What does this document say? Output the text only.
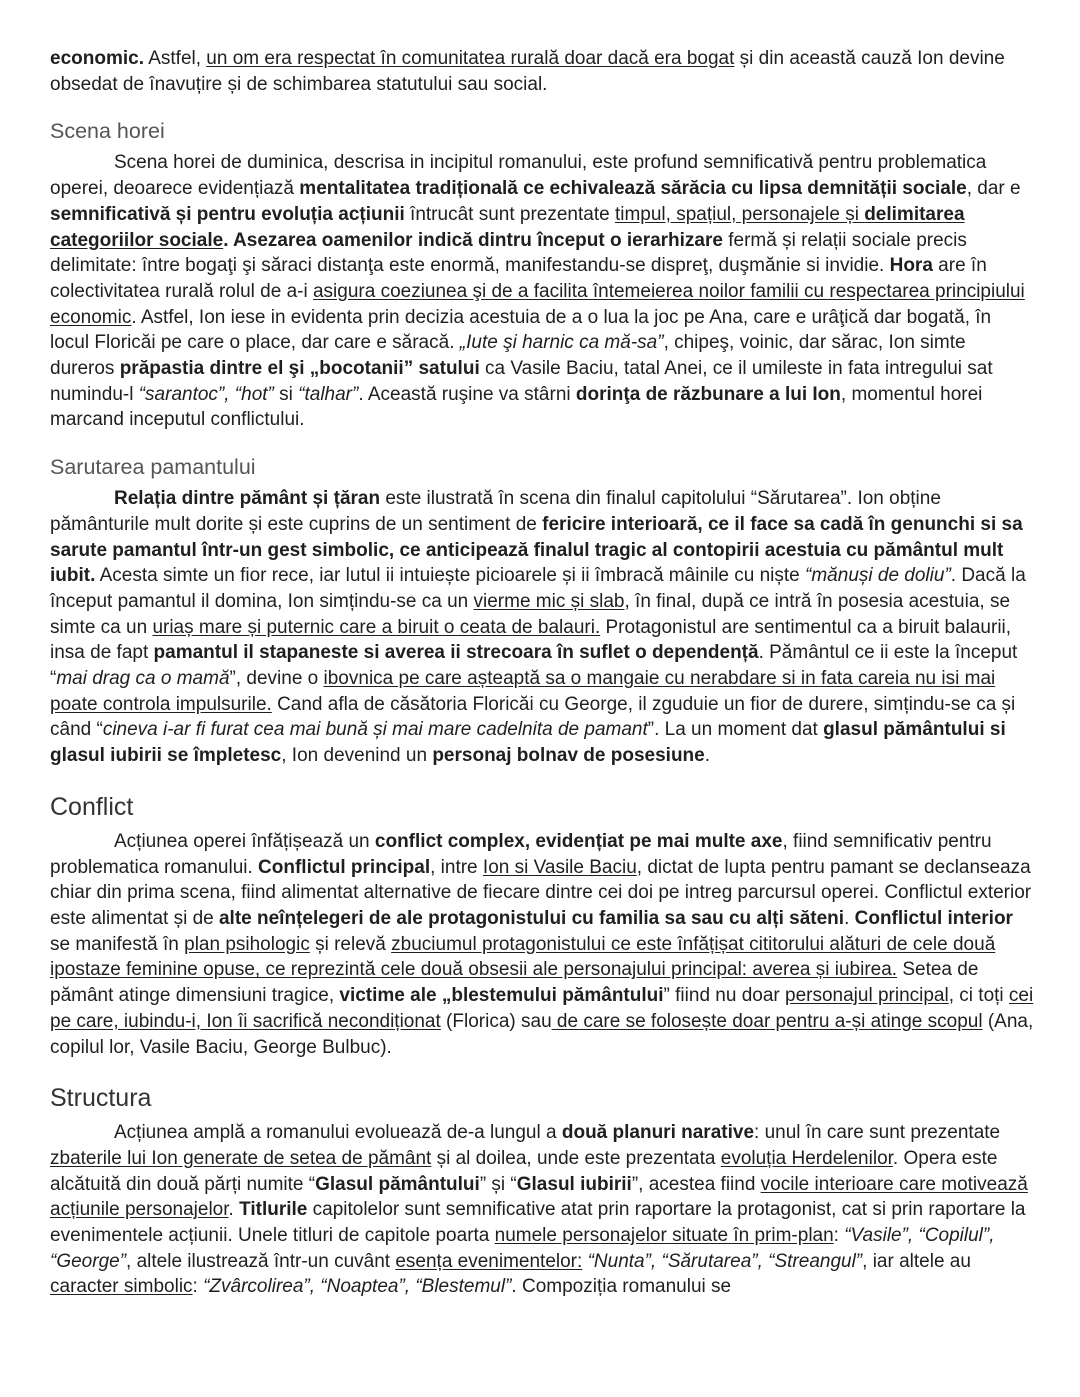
economic. Astfel, un om era respectat în comunitatea rurală doar dacă era bogat și din această cauză Ion devine obsedat de înavuțire și de schimbarea statutului sau social.

Scena horei

Scena horei de duminica, descrisa in incipitul romanului, este profund semnificativă pentru problematica operei, deoarece evidențiază mentalitatea tradițională ce echivalează sărăcia cu lipsa demnității sociale, dar e semnificativă și pentru evoluția acțiunii întrucât sunt prezentate timpul, spațiul, personajele și delimitarea categoriilor sociale. Asezarea oamenilor indică dintru început o ierarhizare fermă și relații sociale precis delimitate: între bogaţi şi săraci distanţa este enormă, manifestandu-se dispreţ, duşmănie si invidie. Hora are în colectivitatea rurală rolul de a-i asigura coeziunea şi de a facilita întemeierea noilor familii cu respectarea principiului economic. Astfel, Ion iese in evidenta prin decizia acestuia de a o lua la joc pe Ana, care e urâţică dar bogată, în locul Floricăi pe care o place, dar care e săracă. „Iute şi harnic ca mă-sa”, chipeş, voinic, dar sărac, Ion simte dureros prăpastia dintre el şi „bocotanii” satului ca Vasile Baciu, tatal Anei, ce il umileste in fata intregului sat numindu-l “sarantoc”, “hot” si “talhar”. Această ruşine va stârni dorinţa de răzbunare a lui Ion, momentul horei marcand inceputul conflictului.

Sarutarea pamantului

Relația dintre pământ și țăran este ilustrată în scena din finalul capitolului “Sărutarea”. Ion obține pământurile mult dorite și este cuprins de un sentiment de fericire interioară, ce il face sa cadă în genunchi si sa sarute pamantul într-un gest simbolic, ce anticipează finalul tragic al contopirii acestuia cu pământul mult iubit. Acesta simte un fior rece, iar lutul ii intuiește picioarele și ii îmbracă mâinile cu niște “mănuși de doliu”. Dacă la început pamantul il domina, Ion simțindu-se ca un vierme mic și slab, în final, după ce intră în posesia acestuia, se simte ca un uriaș mare și puternic care a biruit o ceata de balauri. Protagonistul are sentimentul ca a biruit balaurii, insa de fapt pamantul il stapaneste si averea ii strecoara în suflet o dependență. Pământul ce ii este la început “mai drag ca o mamă”, devine o ibovnica pe care așteaptă sa o mangaie cu nerabdare si in fata careia nu isi mai poate controla impulsurile. Cand afla de căsătoria Floricăi cu George, il zguduie un fior de durere, simțindu-se ca și când “cineva i-ar fi furat cea mai bună și mai mare cadelnita de pamant”. La un moment dat glasul pământului si glasul iubirii se împletesc, Ion devenind un personaj bolnav de posesiune.

Conflict

Acțiunea operei înfățișează un conflict complex, evidențiat pe mai multe axe, fiind semnificativ pentru problematica romanului. Conflictul principal, intre Ion si Vasile Baciu, dictat de lupta pentru pamant se declanseaza chiar din prima scena, fiind alimentat alternative de fiecare dintre cei doi pe intreg parcursul operei. Conflictul exterior este alimentat și de alte neînțelegeri de ale protagonistului cu familia sa sau cu alți săteni. Conflictul interior se manifestă în plan psihologic și relevă zbuciumul protagonistului ce este înfățișat cititorului alături de cele două ipostaze feminine opuse, ce reprezintă cele două obsesii ale personajului principal: averea și iubirea. Setea de pământ atinge dimensiuni tragice, victime ale „blestemului pământului” fiind nu doar personajul principal, ci toți cei pe care, iubindu-i, Ion îi sacrifică necondiționat (Florica) sau de care se folosește doar pentru a-și atinge scopul (Ana, copilul lor, Vasile Baciu, George Bulbuc).

Structura

Acțiunea amplă a romanului evoluează de-a lungul a două planuri narative: unul în care sunt prezentate zbaterile lui Ion generate de setea de pământ și al doilea, unde este prezentata evoluția Herdelenilor. Opera este alcătuită din două părți numite “Glasul pământului” și “Glasul iubirii”, acestea fiind vocile interioare care motivează acțiunile personajelor. Titlurile capitolelor sunt semnificative atat prin raportare la protagonist, cat si prin raportare la evenimentele acțiunii. Unele titluri de capitole poarta numele personajelor situate în prim-plan: “Vasile”, “Copilul”, “George”, altele ilustrează într-un cuvânt esența evenimentelor: “Nunta”, “Sărutarea”, “Streangul”, iar altele au caracter simbolic: “Zvârcolirea”, “Noaptea”, “Blestemul”. Compoziția romanului se
